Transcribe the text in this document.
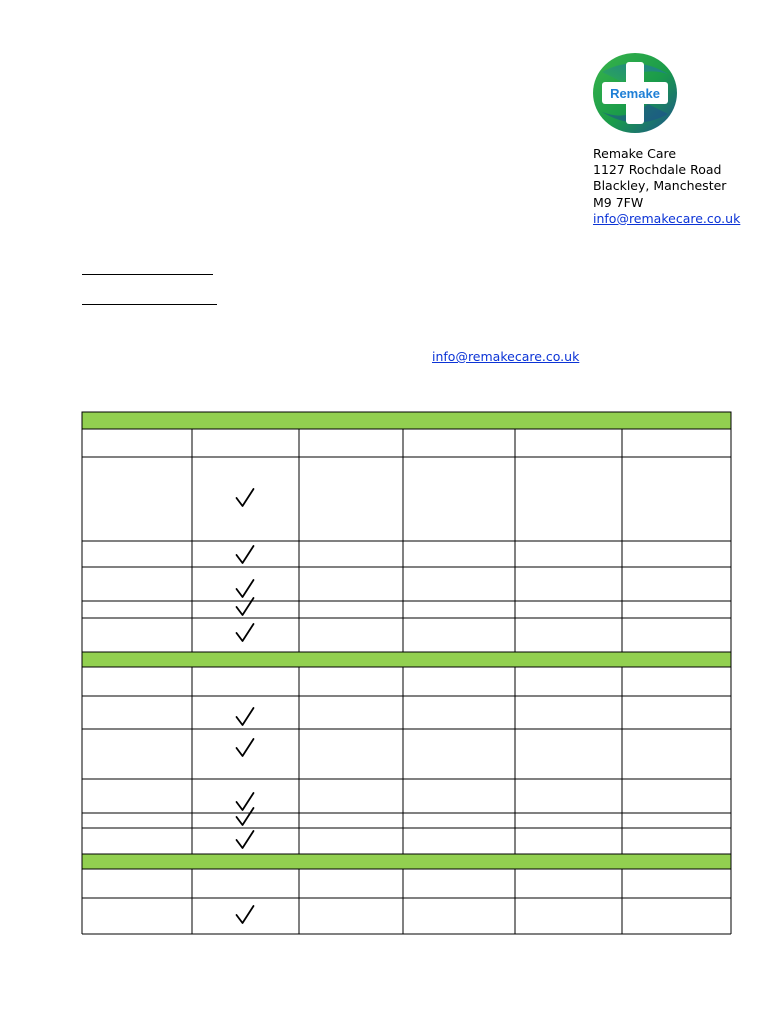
Remake
Remake Care
1127 Rochdale Road
Blackley, Manchester
M9 7FW
info@remakecare.co.uk
info@remakecare.co.uk
